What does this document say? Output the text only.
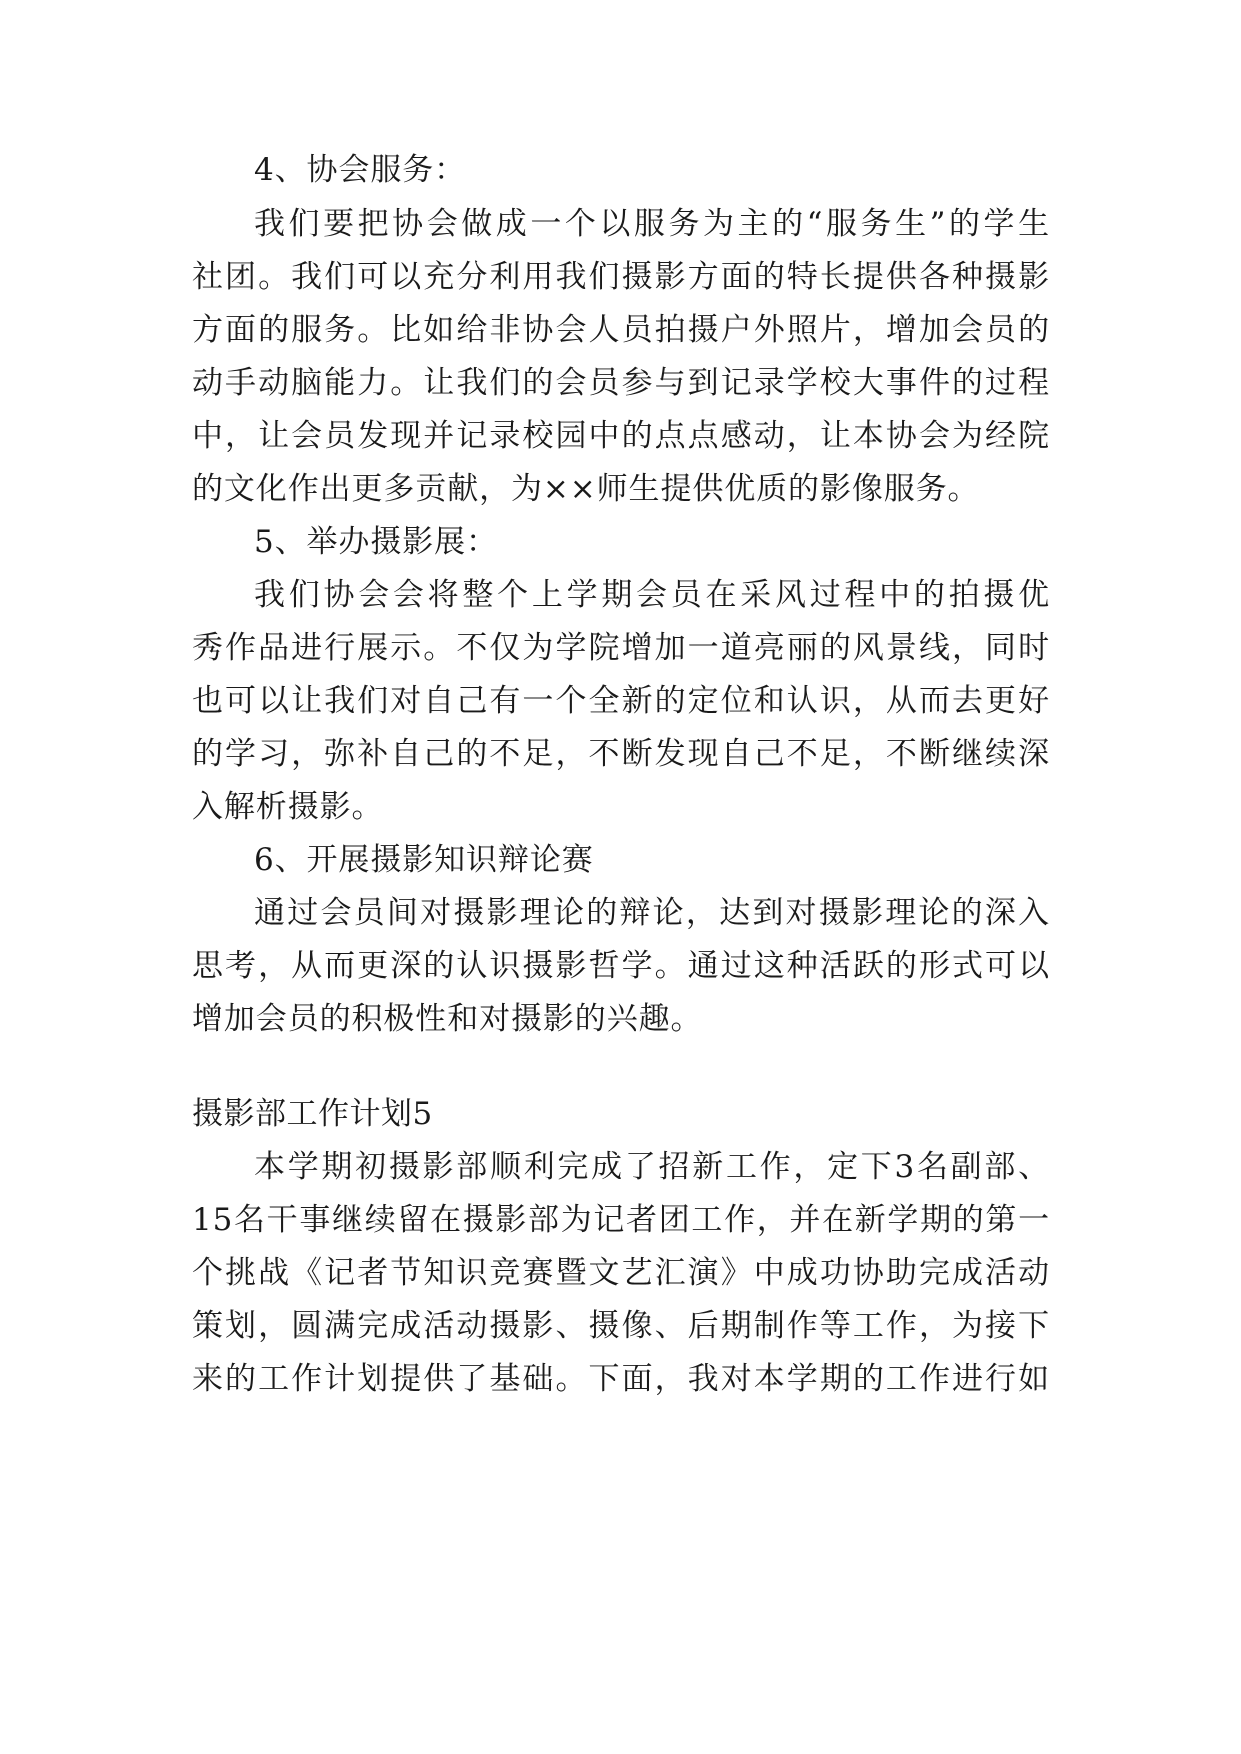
4、协会服务：
我们要把协会做成一个以服务为主的“服务生”的学生
社团。我们可以充分利用我们摄影方面的特长提供各种摄影
方面的服务。比如给非协会人员拍摄户外照片，增加会员的
动手动脑能力。让我们的会员参与到记录学校大事件的过程
中，让会员发现并记录校园中的点点感动，让本协会为经院
的文化作出更多贡献，为××师生提供优质的影像服务。
5、举办摄影展：
我们协会会将整个上学期会员在采风过程中的拍摄优
秀作品进行展示。不仅为学院增加一道亮丽的风景线，同时
也可以让我们对自己有一个全新的定位和认识，从而去更好
的学习，弥补自己的不足，不断发现自己不足，不断继续深
入解析摄影。
6、开展摄影知识辩论赛
通过会员间对摄影理论的辩论，达到对摄影理论的深入
思考，从而更深的认识摄影哲学。通过这种活跃的形式可以
增加会员的积极性和对摄影的兴趣。
摄影部工作计划5
本学期初摄影部顺利完成了招新工作，定下3名副部、
15名干事继续留在摄影部为记者团工作，并在新学期的第一
个挑战《记者节知识竞赛暨文艺汇演》中成功协助完成活动
策划，圆满完成活动摄影、摄像、后期制作等工作，为接下
来的工作计划提供了基础。下面，我对本学期的工作进行如
